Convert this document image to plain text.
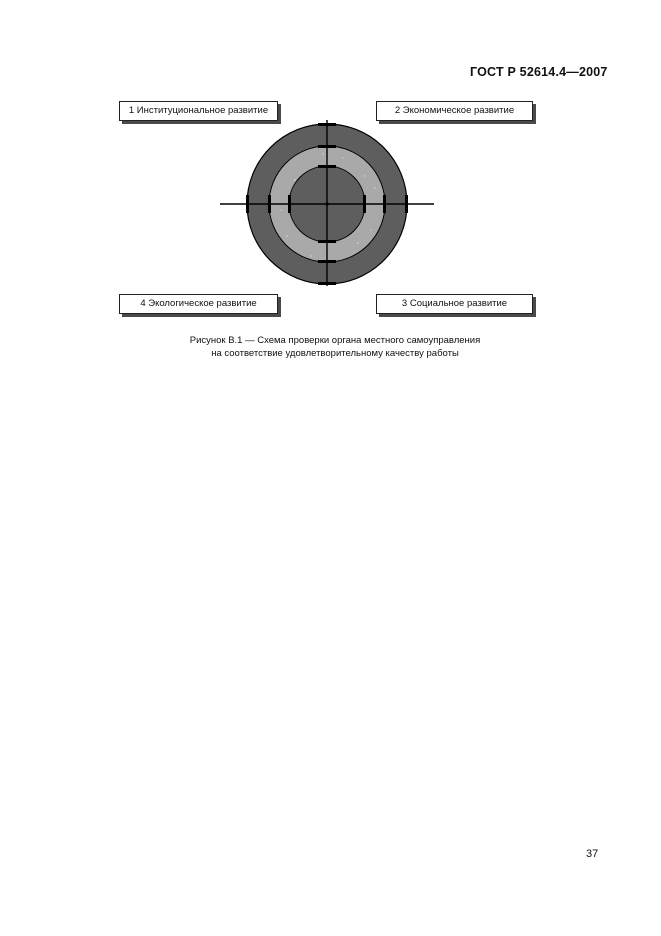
ГОСТ Р 52614.4—2007
1 Институциональное развитие	2 Экономическое развитие
4 Экологическое развитие	3 Социальное развитие
Рисунок В.1 — Схема проверки органа местного самоуправления
на соответствие удовлетворительному качеству работы
37
